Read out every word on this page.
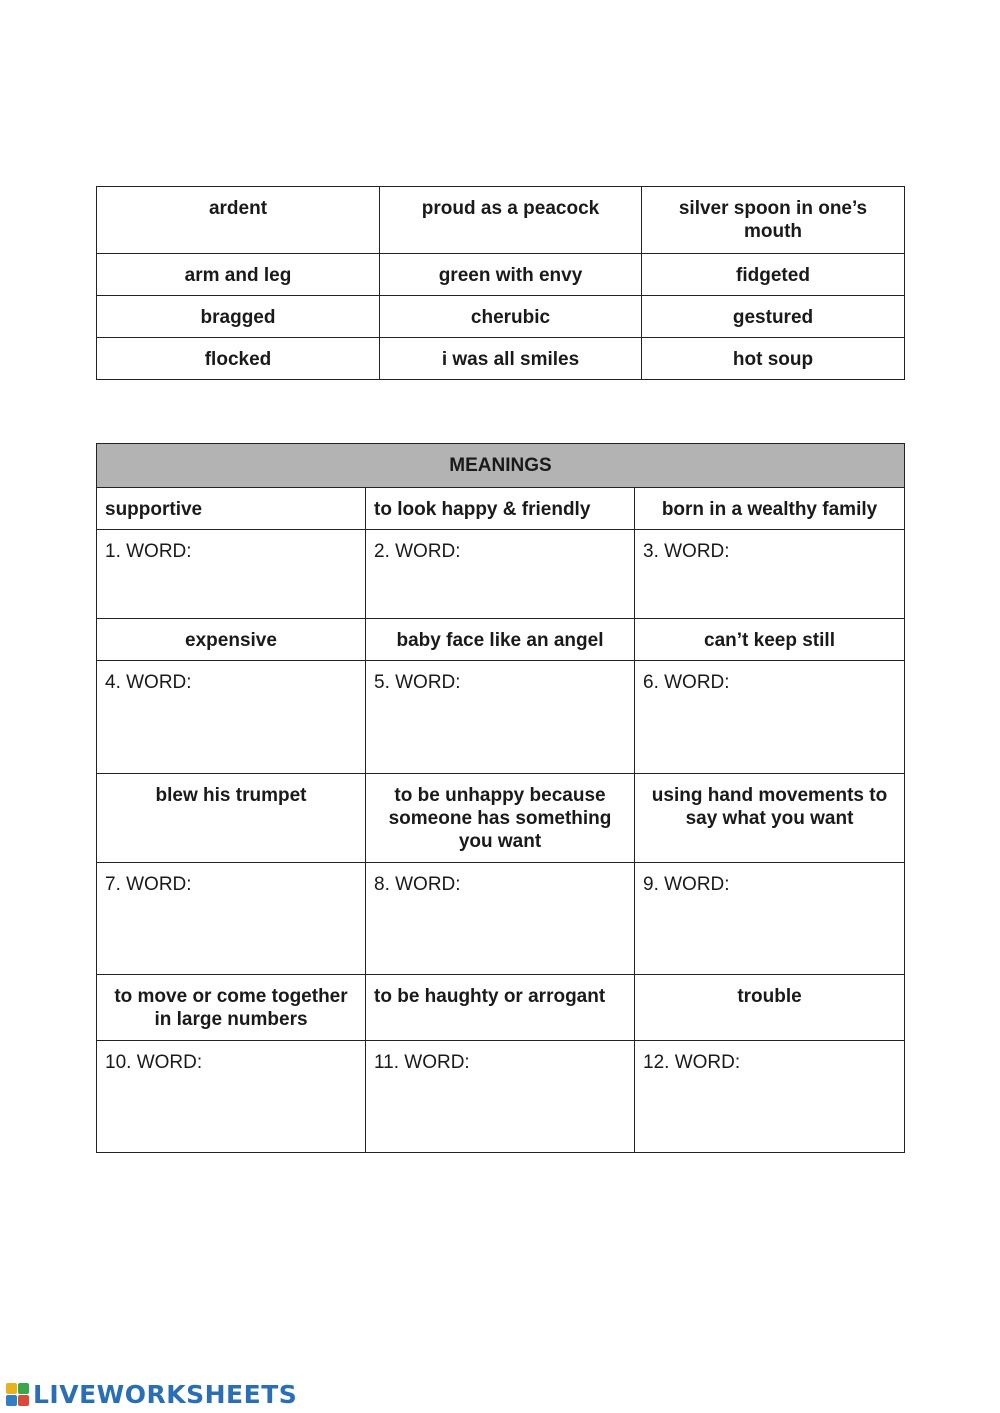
ardent	proud as a peacock	silver spoon in one’s mouth
arm and leg	green with envy	fidgeted
bragged	cherubic	gestured
flocked	i was all smiles	hot soup
MEANINGS		
supportive	to look happy & friendly	born in a wealthy family
1. WORD:	2. WORD:	3. WORD:
expensive	baby face like an angel	can’t keep still
4. WORD:	5. WORD:	6. WORD:
blew his trumpet	to be unhappy because someone has something you want	using hand movements to say what you want
7. WORD:	8. WORD:	9. WORD:
to move or come together in large numbers	to be haughty or arrogant	trouble
10. WORD:	11. WORD:	12. WORD:
LIVEWORKSHEETS
